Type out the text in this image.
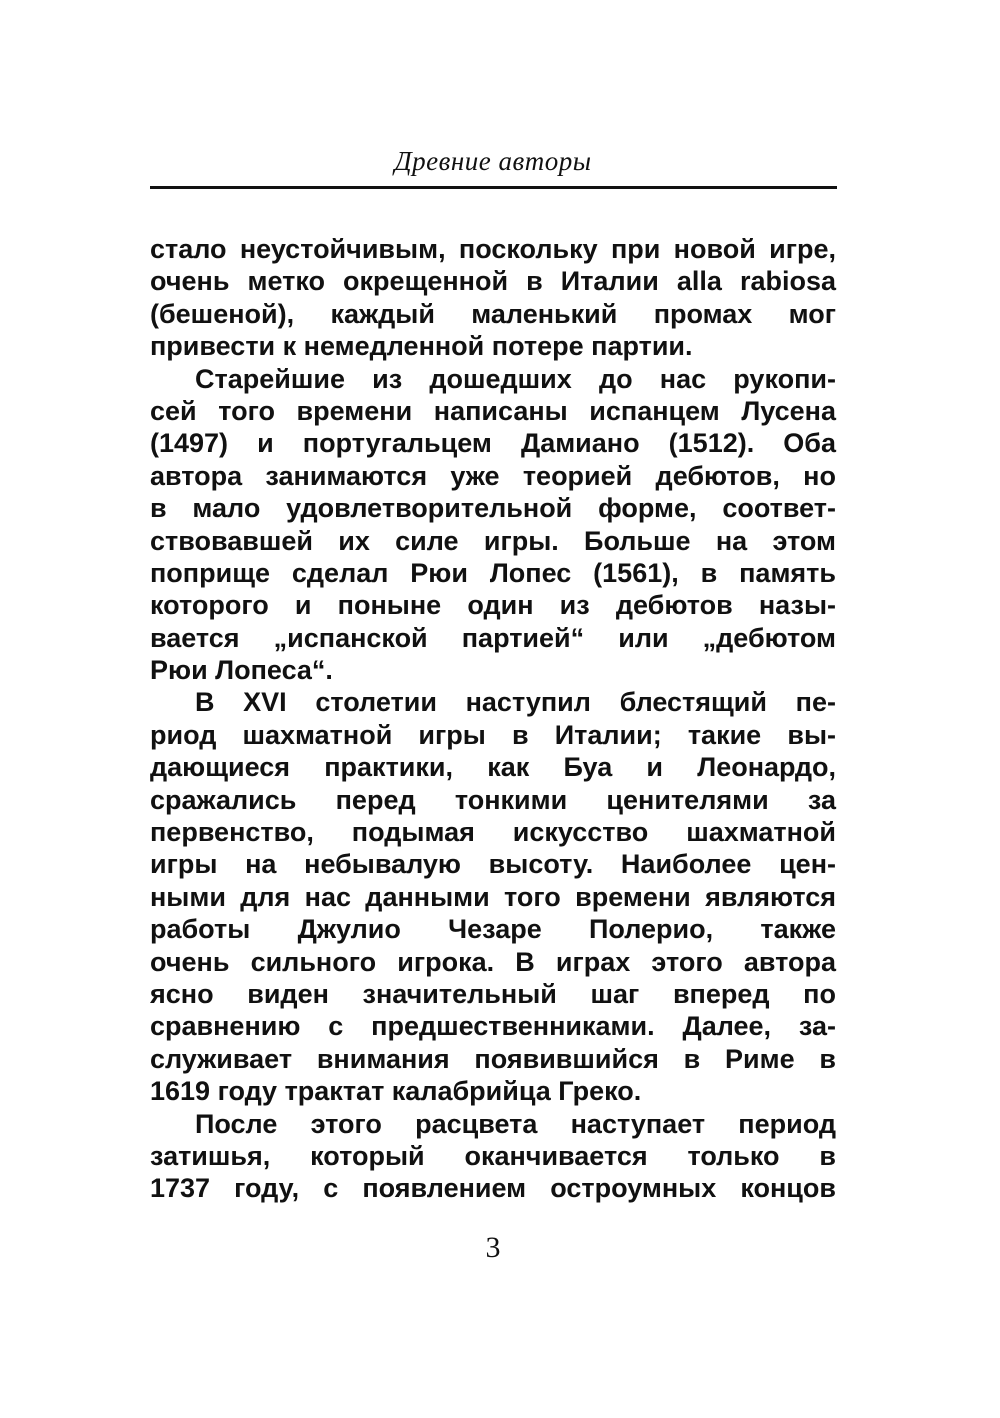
Древние авторы
стало неустойчивым, поскольку при новой игре,
очень метко окрещенной в Италии alla rabiosa
(бешеной), каждый маленький промах мог
привести к немедленной потере партии.
Старейшие из дошедших до нас рукопи-
сей того времени написаны испанцем Лусена
(1497) и португальцем Дамиано (1512). Оба
автора занимаются уже теорией дебютов, но
в мало удовлетворительной форме, соответ-
ствовавшей их силе игры. Больше на этом
поприще сделал Рюи Лопес (1561), в память
которого и поныне один из дебютов назы-
вается „испанской партией“ или „дебютом
Рюи Лопеса“.
В XVI столетии наступил блестящий пе-
риод шахматной игры в Италии; такие вы-
дающиеся практики, как Буа и Леонардо,
сражались перед тонкими ценителями за
первенство, подымая искусство шахматной
игры на небывалую высоту. Наиболее цен-
ными для нас данными того времени являются
работы Джулио Чезаре Полерио, также
очень сильного игрока. В играх этого автора
ясно виден значительный шаг вперед по
сравнению с предшественниками. Далее, за-
служивает внимания появившийся в Риме в
1619 году трактат калабрийца Греко.
После этого расцвета наступает период
затишья, который оканчивается только в
1737 году, с появлением остроумных концов
3
